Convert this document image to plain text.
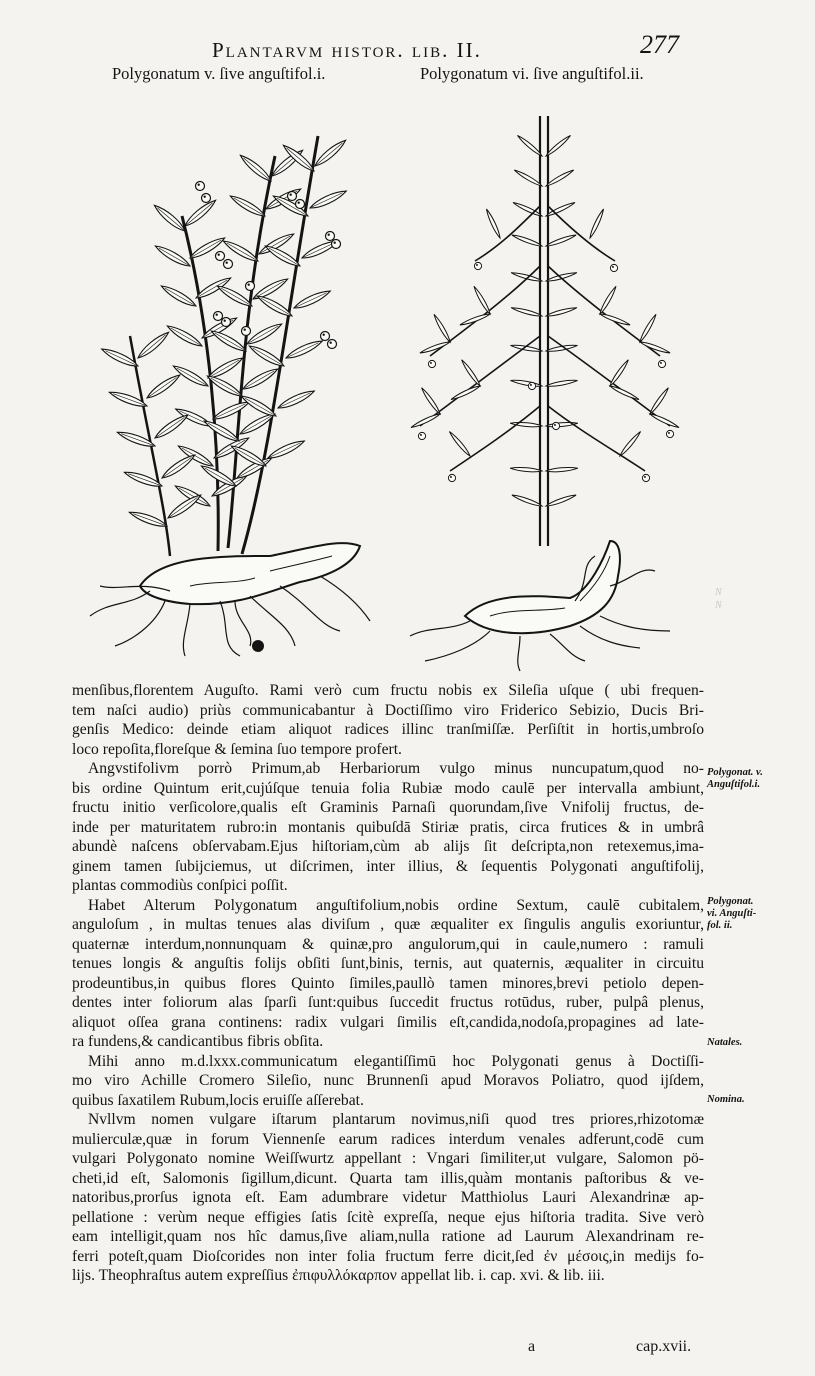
Plantarvm histor. lib. II.	277
Polygonatum v. ſive anguſtifol.i.	Polygonatum vi. ſive anguſtifol.ii.
menſibus,florentem Auguſto. Rami verò cum fructu nobis ex Sileſia uſque ( ubi frequen-
tem naſci audio) priùs communicabantur à Doctiſſimo viro Friderico Sebizio, Ducis Bri-
genſis Medico: deinde etiam aliquot radices illinc tranſmiſſæ. Perſiſtit in hortis,umbroſo
loco repoſita,floreſque & ſemina ſuo tempore profert.
Angvstifolivm porrò Primum,ab Herbariorum vulgo minus nuncupatum,quod no-
bis ordine Quintum erit,cujúſque tenuia folia Rubiæ modo caulē per intervalla ambiunt,
fructu initio verſicolore,qualis eſt Graminis Parnaſi quorundam,ſive Vnifolij fructus, de-
inde per maturitatem rubro:in montanis quibuſdā Stiriæ pratis, circa frutices & in umbrâ
abundè naſcens obſervabam.Ejus hiſtoriam,cùm ab alijs ſit deſcripta,non retexemus,ima-
ginem tamen ſubijciemus, ut diſcrimen, inter illius, & ſequentis Polygonati anguſtifolij,
plantas commodiùs conſpici poſſit.
Habet Alterum Polygonatum anguſtifolium,nobis ordine Sextum, caulē cubitalem,
anguloſum , in multas tenues alas diviſum , quæ æqualiter ex ſingulis angulis exoriuntur,
quaternæ interdum,nonnunquam & quinæ,pro angulorum,qui in caule,numero : ramuli
tenues longis & anguſtis folijs obſiti ſunt,binis, ternis, aut quaternis, æqualiter in circuitu
prodeuntibus,in quibus flores Quinto ſimiles,paullò tamen minores,brevi petiolo depen-
dentes inter foliorum alas ſparſi ſunt:quibus ſuccedit fructus rotūdus, ruber, pulpâ plenus,
aliquot oſſea grana continens: radix vulgari ſimilis eſt,candida,nodoſa,propagines ad late-
ra fundens,& candicantibus fibris obſita.
Mihi anno m.d.lxxx.communicatum elegantiſſimū hoc Polygonati genus à Doctiſſi-
mo viro Achille Cromero Sileſio, nunc Brunnenſi apud Moravos Poliatro, quod ijſdem,
quibus ſaxatilem Rubum,locis eruiſſe aſſerebat.
Nvllvm nomen vulgare iſtarum plantarum novimus,niſi quod tres priores,rhizotomæ
mulierculæ,quæ in forum Viennenſe earum radices interdum venales adferunt,codē cum
vulgari Polygonato nomine Weiſſwurtz appellant : Vngari ſimiliter,ut vulgare, Salomon pö-
cheti,id eſt, Salomonis ſigillum,dicunt. Quarta tam illis,quàm montanis paſtoribus & ve-
natoribus,prorſus ignota eſt. Eam adumbrare videtur Matthiolus Lauri Alexandrinæ ap-
pellatione : verùm neque effigies ſatis ſcitè expreſſa, neque ejus hiſtoria tradita. Sive verò
eam intelligit,quam nos hîc damus,ſive aliam,nulla ratione ad Laurum Alexandrinam re-
ferri poteſt,quam Dioſcorides non inter folia fructum ferre dicit,ſed ἐν μέσοις,in medijs fo-
lijs. Theophraſtus autem expreſſius ἐπιφυλλόκαρπον appellat lib. i. cap. xvi. & lib. iii.
Polygonat. v.
Anguſtifol.i.
Polygonat.
vi. Anguſti-
fol. ii.
Natales.
Nomina.
Ν
Ν
a	cap.xvii.
